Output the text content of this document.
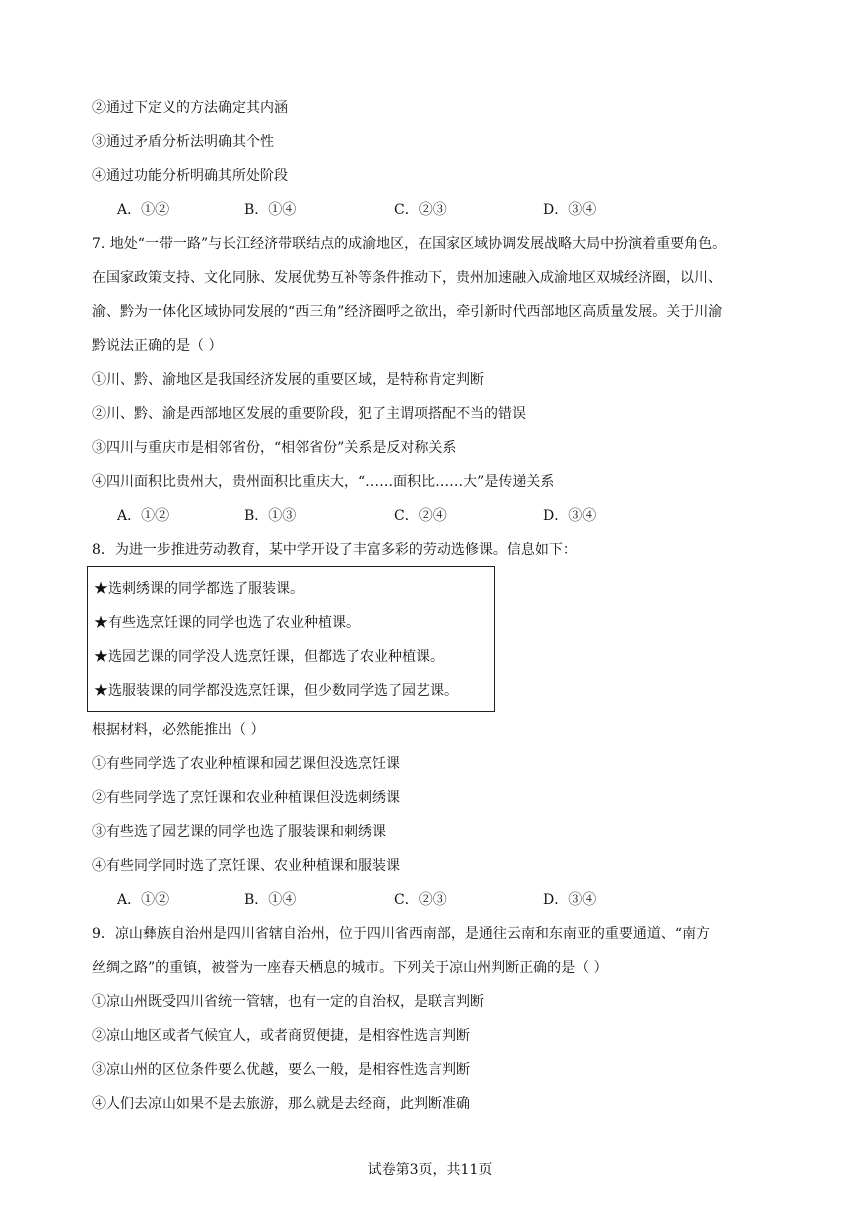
②通过下定义的方法确定其内涵
③通过矛盾分析法明确其个性
④通过功能分析明确其所处阶段
A．①②	B．①④	C．②③	D．③④
7. 地处“一带一路”与长江经济带联结点的成渝地区，在国家区域协调发展战略大局中扮演着重要角色。
在国家政策支持、文化同脉、发展优势互补等条件推动下，贵州加速融入成渝地区双城经济圈，以川、
渝、黔为一体化区域协同发展的“西三角”经济圈呼之欲出，牵引新时代西部地区高质量发展。关于川渝
黔说法正确的是（ ）
①川、黔、渝地区是我国经济发展的重要区域，是特称肯定判断
②川、黔、渝是西部地区发展的重要阶段，犯了主谓项搭配不当的错误
③四川与重庆市是相邻省份，“相邻省份”关系是反对称关系
④四川面积比贵州大，贵州面积比重庆大，“……面积比……大”是传递关系
A．①②	B．①③	C．②④	D．③④
8．为进一步推进劳动教育，某中学开设了丰富多彩的劳动选修课。信息如下：
★选刺绣课的同学都选了服装课。
★有些选烹饪课的同学也选了农业种植课。
★选园艺课的同学没人选烹饪课，但都选了农业种植课。
★选服装课的同学都没选烹饪课，但少数同学选了园艺课。
根据材料，必然能推出（ ）
①有些同学选了农业种植课和园艺课但没选烹饪课
②有些同学选了烹饪课和农业种植课但没选刺绣课
③有些选了园艺课的同学也选了服装课和刺绣课
④有些同学同时选了烹饪课、农业种植课和服装课
A．①②	B．①④	C．②③	D．③④
9．凉山彝族自治州是四川省辖自治州，位于四川省西南部，是通往云南和东南亚的重要通道、“南方
丝绸之路”的重镇，被誉为一座春天栖息的城市。下列关于凉山州判断正确的是（ ）
①凉山州既受四川省统一管辖，也有一定的自治权，是联言判断
②凉山地区或者气候宜人，或者商贸便捷，是相容性选言判断
③凉山州的区位条件要么优越，要么一般，是相容性选言判断
④人们去凉山如果不是去旅游，那么就是去经商，此判断准确
试卷第3页，共11页
